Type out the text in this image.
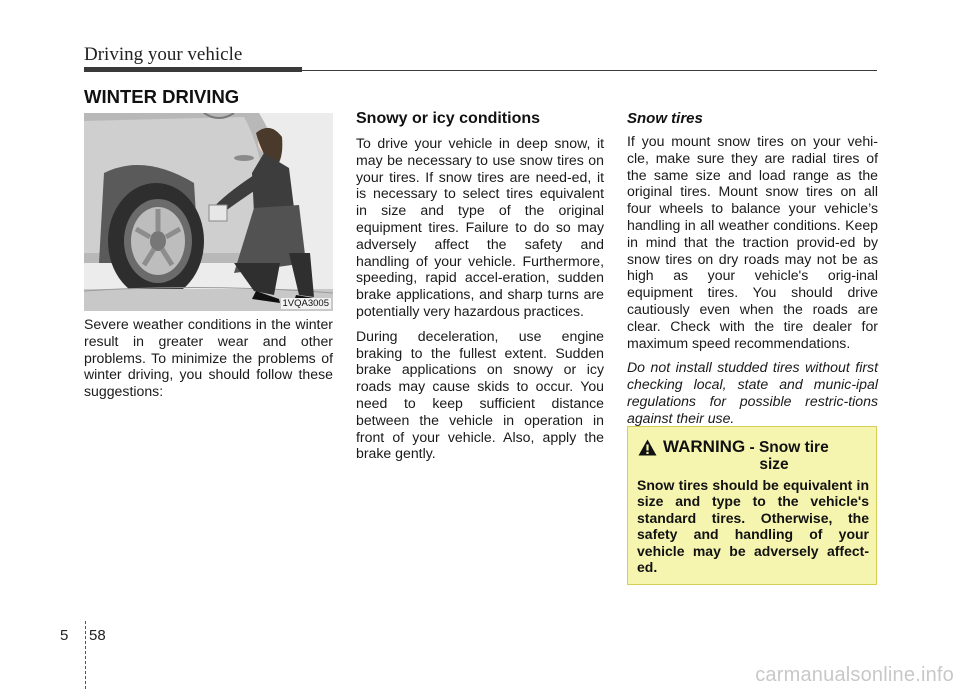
Driving your vehicle
WINTER DRIVING
1VQA3005

Severe weather conditions in the winter result in greater wear and other problems. To minimize the problems of winter driving, you should follow these suggestions:

Snowy or icy conditions

To drive your vehicle in deep snow, it may be necessary to use snow tires on your tires. If snow tires are need-ed, it is necessary to select tires equivalent in size and type of the original equipment tires. Failure to do so may adversely affect the safety and handling of your vehicle. Furthermore, speeding, rapid accel-eration, sudden brake applications, and sharp turns are potentially very hazardous practices.

During deceleration, use engine braking to the fullest extent. Sudden brake applications on snowy or icy roads may cause skids to occur. You need to keep sufficient distance between the vehicle in operation in front of your vehicle. Also, apply the brake gently.

Snow tires

If you mount snow tires on your vehi-cle, make sure they are radial tires of the same size and load range as the original tires. Mount snow tires on all four wheels to balance your vehicle’s handling in all weather conditions. Keep in mind that the traction provid-ed by snow tires on dry roads may not be as high as your vehicle's orig-inal equipment tires. You should drive cautiously even when the roads are clear. Check with the tire dealer for maximum speed recommendations.

Do not install studded tires without first checking local, state and munic-ipal regulations for possible restric-tions against their use.

WARNING - Snow tire
size
Snow tires should be equivalent in size and type to the vehicle's standard tires. Otherwise, the safety and handling of your vehicle may be adversely affect-ed.
5 58
carmanualsonline.info
